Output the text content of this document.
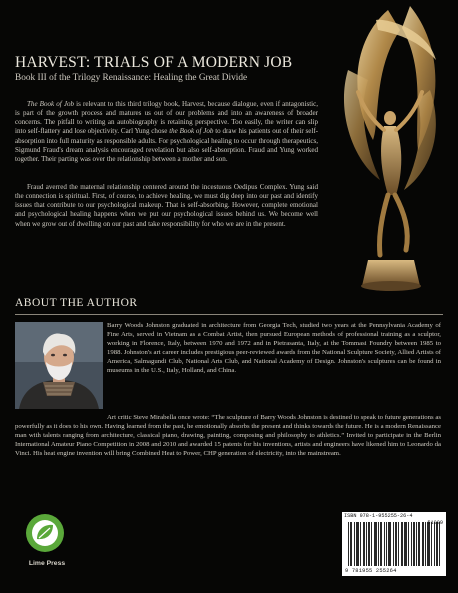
HARVEST: TRIALS OF A MODERN JOB
Book III of the Trilogy Renaissance: Healing the Great Divide

The Book of Job is relevant to this third trilogy book, Harvest, because dialogue, even if antagonistic, is part of the growth process and matures us out of our problems and into an awareness of broader concerns. The pitfall to writing an autobiography is retaining perspective. Too easily, the writer can slip into self-flattery and lose objectivity. Carl Yung chose the Book of Job to draw his patients out of their self-absorption into full maturity as responsible adults. For psychological healing to occur through therapeutics, Sigmund Fraud's dream analysis encouraged revelation but also self-absorption. Fraud and Yung worked together. Their parting was over the relationship between a mother and son.

Fraud averred the maternal relationship centered around the incestuous Oedipus Complex. Yung said the connection is spiritual. First, of course, to achieve healing, we must dig deep into our past and identify issues that contribute to our psychological makeup. That is self-absorbing. However, complete emotional and psychological healing happens when we put our psychological issues behind us. We become well when we grow out of dwelling on our past and take responsibility for who we are in the present.

ABOUT THE AUTHOR

Barry Woods Johnston graduated in architecture from Georgia Tech, studied two years at the Pennsylvania Academy of Fine Arts, served in Vietnam as a Combat Artist, then pursued European methods of professional training as a sculptor, working in Florence, Italy, between 1970 and 1972 and in Pietrasanta, Italy, at the Tommasi Foundry between 1985 to 1988. Johnston's art career includes prestigious peer-reviewed awards from the National Sculpture Society, Allied Artists of America, Salmagundi Club, National Arts Club, and National Academy of Design. Johnston's sculptures can be found in museums in the U.S., Italy, Holland, and China.

Art critic Steve Mirabella once wrote: “The sculpture of Barry Woods Johnston is destined to speak to future generations as powerfully as it does to his own. Having learned from the past, he emotionally absorbs the present and thinks towards the future. He is a modern Renaissance man with talents ranging from architecture, classical piano, drawing, painting, composing and philosophy to athletics.” Invited to participate in the Berlin International Amateur Piano Competition in 2008 and 2010 and awarded 15 patents for his inventions, artists and engineers have likened him to Leonardo da Vinci. His heat engine invention will bring Combined Heat to Power, CHP generation of electricity, into the mainstream.

Lime Press
ISBN 978-1-955255-26-4
51099
9 781955 255264
